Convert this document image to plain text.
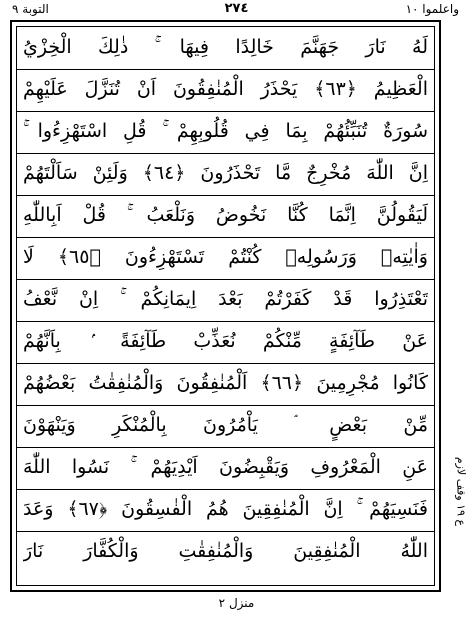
التوبة ٩	٢٧٤	واعلموا ١٠
لَهُ نَارَ جَهَنَّمَ خَالِدًا فِيهَا ۚ ذٰلِكَ الْخِزْيُ
الْعَظِيمُ ﴿٦٣﴾ يَحْذَرُ الْمُنٰفِقُونَ اَنْ تُنَزَّلَ عَلَيْهِمْ
سُورَةٌ تُنَبِّئُهُمْ بِمَا فِي قُلُوبِهِمْ ۚ قُلِ اسْتَهْزِءُوا ۚ
اِنَّ اللّٰهَ مُخْرِجٌ مَّا تَحْذَرُونَ ﴿٦٤﴾ وَلَئِنْ سَاَلْتَهُمْ
لَيَقُولُنَّ اِنَّمَا كُنَّا نَخُوضُ وَنَلْعَبُ ۚ قُلْ اَبِاللّٰهِ
وَاٰيٰتِهٖ وَرَسُولِهٖ كُنْتُمْ تَسْتَهْزِءُونَ ﴿٦٥﴾ لَا
تَعْتَذِرُوا قَدْ كَفَرْتُمْ بَعْدَ اِيمَانِكُمْ ۚ اِنْ نَّعْفُ
عَنْ طَآئِفَةٍ مِّنْكُمْ نُعَذِّبْ طَآئِفَةً ۢ بِاَنَّهُمْ
كَانُوا مُجْرِمِينَ ﴿٦٦﴾ اَلْمُنٰفِقُونَ وَالْمُنٰفِقٰتُ بَعْضُهُمْ
مِّنْ بَعْضٍ ۘ يَاْمُرُونَ بِالْمُنْكَرِ وَيَنْهَوْنَ
عَنِ الْمَعْرُوفِ وَيَقْبِضُونَ اَيْدِيَهُمْ ۚ نَسُوا اللّٰهَ
فَنَسِيَهُمْ ۚ اِنَّ الْمُنٰفِقِينَ هُمُ الْفٰسِقُونَ ﴿٦٧﴾ وَعَدَ
اللّٰهُ الْمُنٰفِقِينَ وَالْمُنٰفِقٰتِ وَالْكُفَّارَ نَارَ
ع ١٩ وقف لازم
منزل ٢
